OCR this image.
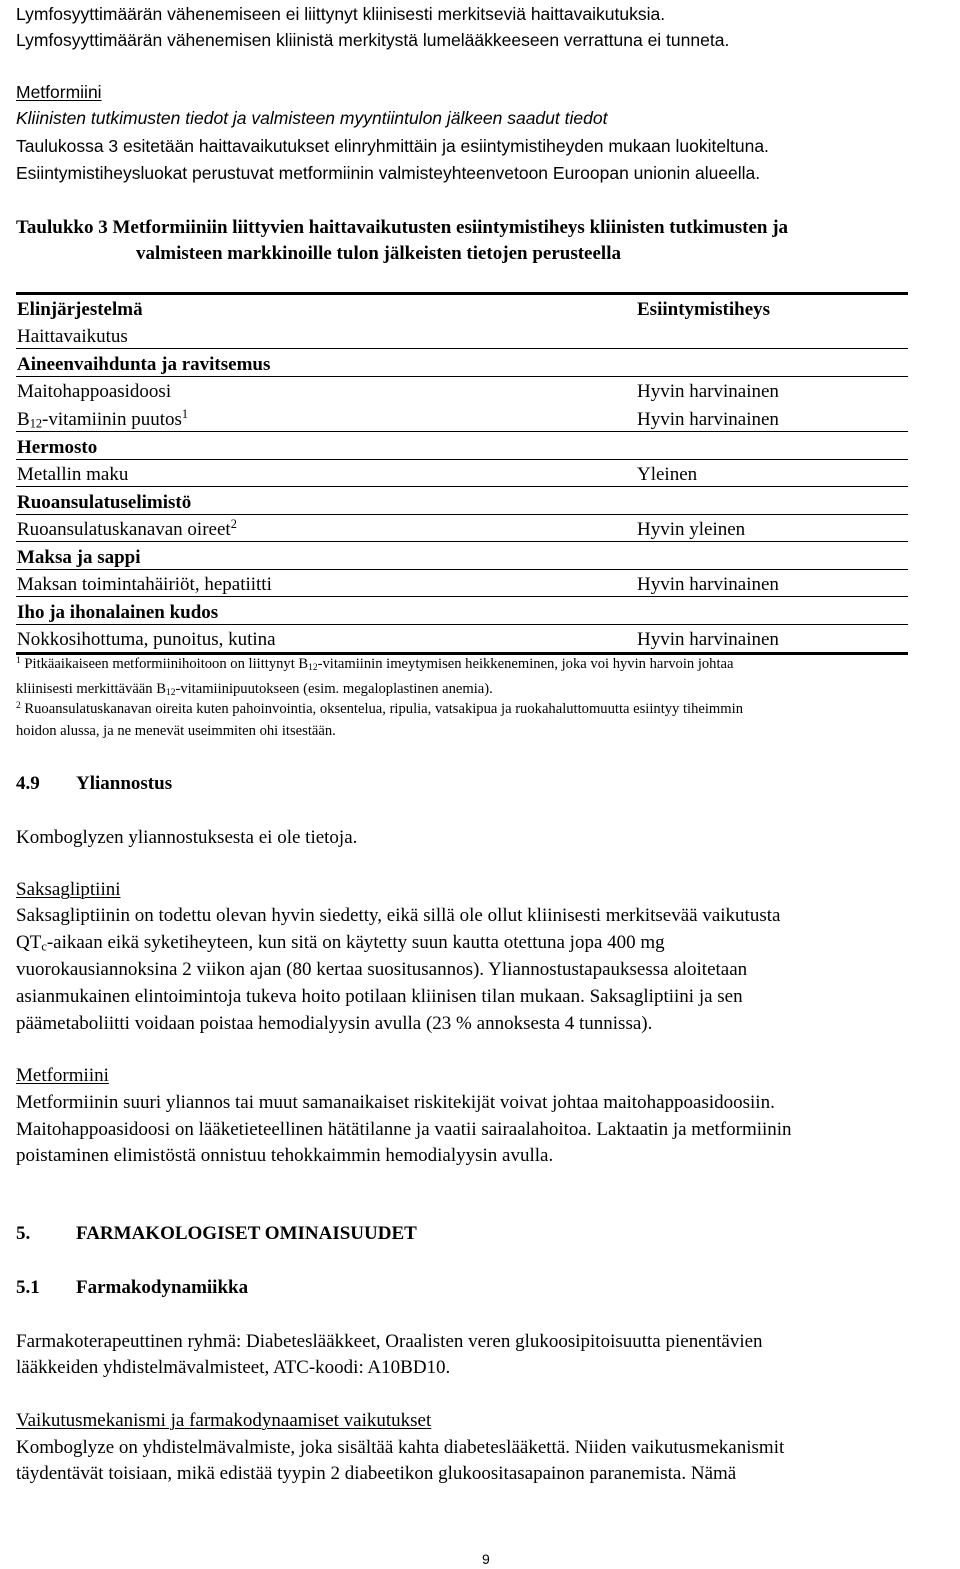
Lymfosyyttimäärän vähenemiseen ei liittynyt kliinisesti merkitseviä haittavaikutuksia.
Lymfosyyttimäärän vähenemisen kliinistä merkitystä lumelääkkeeseen verrattuna ei tunneta.
Metformiini
Kliinisten tutkimusten tiedot ja valmisteen myyntiintulon jälkeen saadut tiedot
Taulukossa 3 esitetään haittavaikutukset elinryhmittäin ja esiintymistiheyden mukaan luokiteltuna.
Esiintymistiheysluokat perustuvat metformiinin valmisteyhteenvetoon Euroopan unionin alueella.
Taulukko 3 Metformiiniin liittyvien haittavaikutusten esiintymistiheys kliinisten tutkimusten ja
valmisteen markkinoille tulon jälkeisten tietojen perusteella
Elinjärjestelmä	Esiintymistiheys
Haittavaikutus
Aineenvaihdunta ja ravitsemus
Maitohappoasidoosi	Hyvin harvinainen
$B_{12}$-vitamiinin puutos$^1$	Hyvin harvinainen
Hermosto
Metallin maku	Yleinen
Ruoansulatuselimistö
Ruoansulatuskanavan oireet$^2$	Hyvin yleinen
Maksa ja sappi
Maksan toimintahäiriöt, hepatiitti	Hyvin harvinainen
Iho ja ihonalainen kudos
Nokkosihottuma, punoitus, kutina	Hyvin harvinainen
$^1$ Pitkäaikaiseen metformiinihoitoon on liittynyt $B_{12}$-vitamiinin imeytymisen heikkeneminen, joka voi hyvin harvoin johtaa
kliinisesti merkittävään $B_{12}$-vitamiinipuutokseen (esim. megaloplastinen anemia).
$^2$ Ruoansulatuskanavan oireita kuten pahoinvointia, oksentelua, ripulia, vatsakipua ja ruokahaluttomuutta esiintyy tiheimmin
hoidon alussa, ja ne menevät useimmiten ohi itsestään.
4.9 Yliannostus
Komboglyzen yliannostuksesta ei ole tietoja.
Saksagliptiini
Saksagliptiinin on todettu olevan hyvin siedetty, eikä sillä ole ollut kliinisesti merkitsevää vaikutusta
$QT_c$-aikaan eikä syketiheyteen, kun sitä on käytetty suun kautta otettuna jopa 400 mg
vuorokausiannoksina 2 viikon ajan (80 kertaa suositusannos). Yliannostustapauksessa aloitetaan
asianmukainen elintoimintoja tukeva hoito potilaan kliinisen tilan mukaan. Saksagliptiini ja sen
päämetaboliitti voidaan poistaa hemodialyysin avulla (23 % annoksesta 4 tunnissa).
Metformiini
Metformiinin suuri yliannos tai muut samanaikaiset riskitekijät voivat johtaa maitohappoasidoosiin.
Maitohappoasidoosi on lääketieteellinen hätätilanne ja vaatii sairaalahoitoa. Laktaatin ja metformiinin
poistaminen elimistöstä onnistuu tehokkaimmin hemodialyysin avulla.
5. FARMAKOLOGISET OMINAISUUDET
5.1 Farmakodynamiikka
Farmakoterapeuttinen ryhmä: Diabeteslääkkeet, Oraalisten veren glukoosipitoisuutta pienentävien
lääkkeiden yhdistelmävalmisteet, ATC-koodi: A10BD10.
Vaikutusmekanismi ja farmakodynaamiset vaikutukset
Komboglyze on yhdistelmävalmiste, joka sisältää kahta diabeteslääkettä. Niiden vaikutusmekanismit
täydentävät toisiaan, mikä edistää tyypin 2 diabeetikon glukoositasapainon paranemista. Nämä
9
